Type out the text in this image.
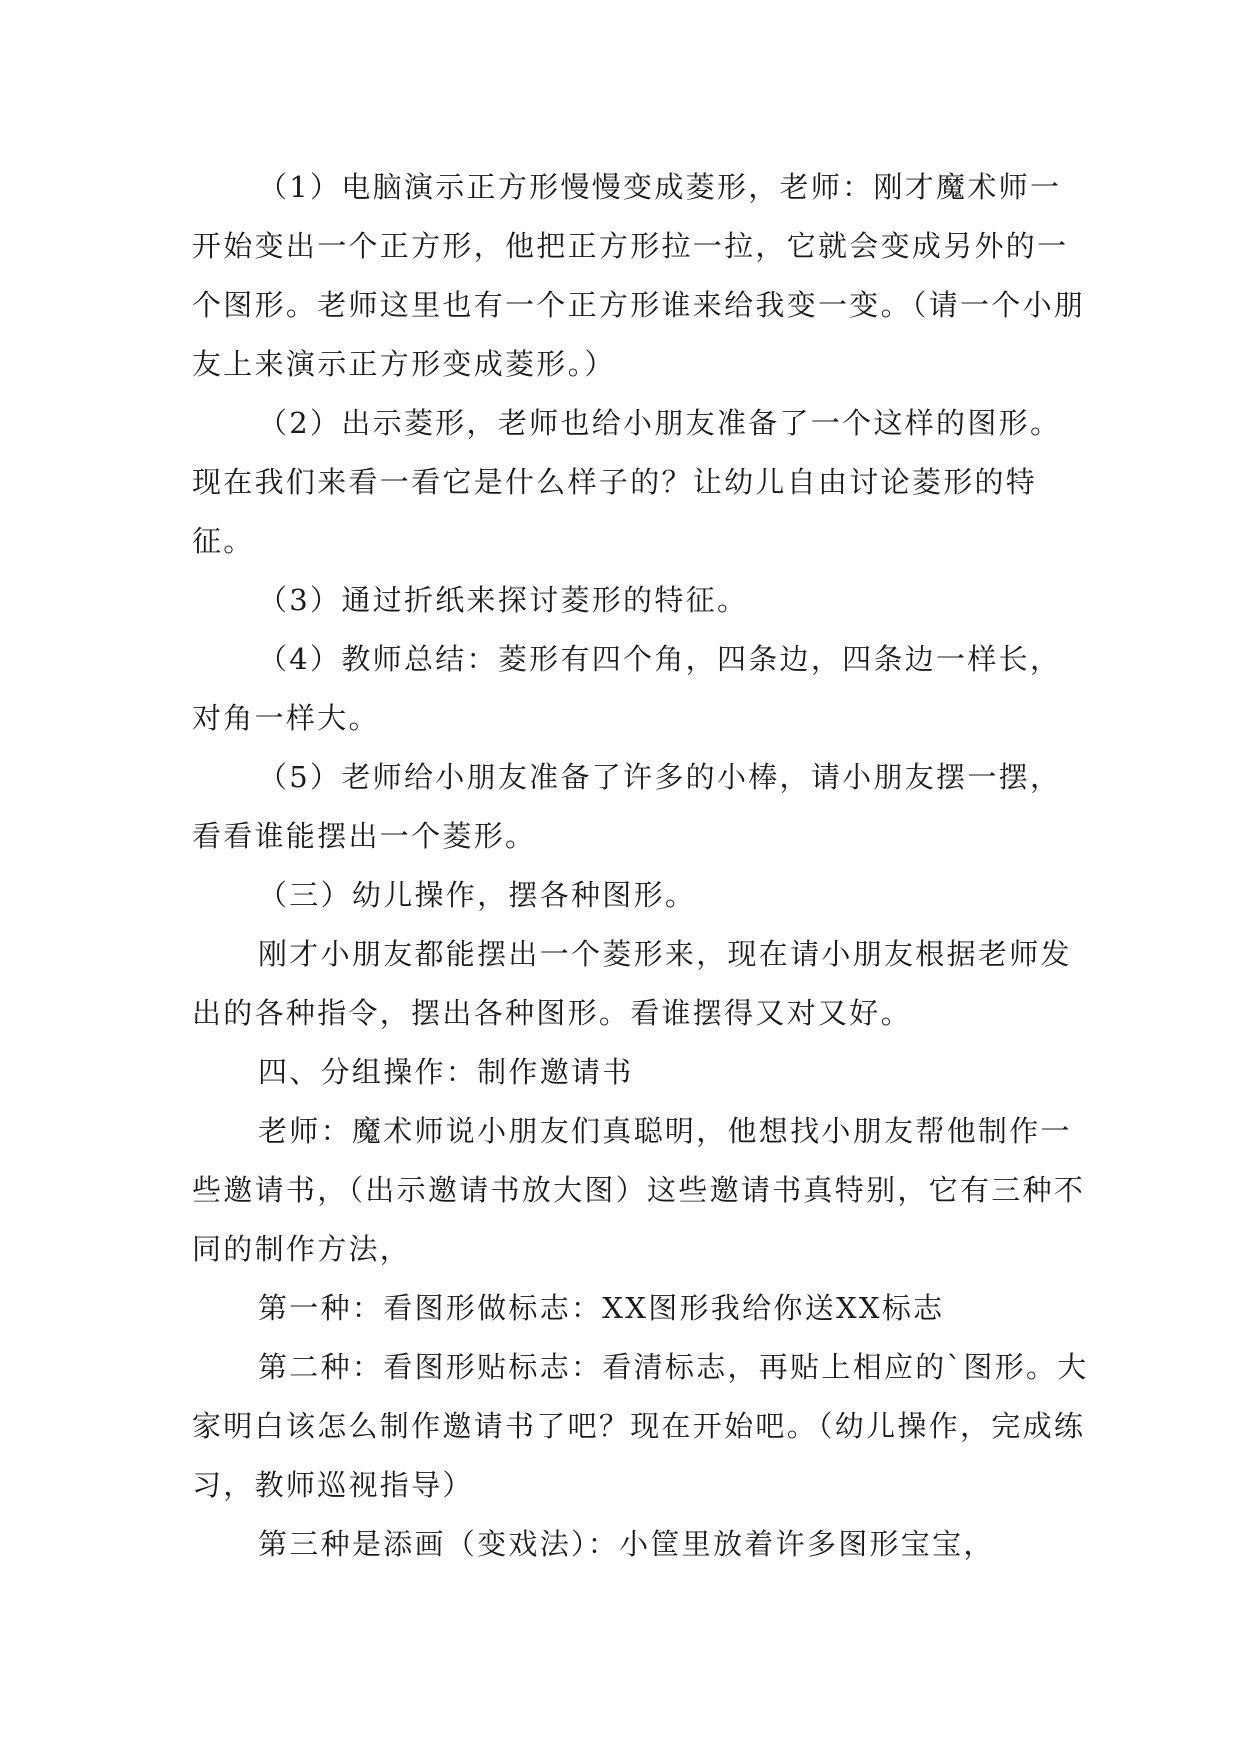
（1）电脑演示正方形慢慢变成菱形，老师：刚才魔术师一开始变出一个正方形，他把正方形拉一拉，它就会变成另外的一个图形。老师这里也有一个正方形谁来给我变一变。（请一个小朋友上来演示正方形变成菱形。）

（2）出示菱形，老师也给小朋友准备了一个这样的图形。现在我们来看一看它是什么样子的？让幼儿自由讨论菱形的特征。

（3）通过折纸来探讨菱形的特征。

（4）教师总结：菱形有四个角，四条边，四条边一样长，对角一样大。

（5）老师给小朋友准备了许多的小棒，请小朋友摆一摆，看看谁能摆出一个菱形。

（三）幼儿操作，摆各种图形。

刚才小朋友都能摆出一个菱形来，现在请小朋友根据老师发出的各种指令，摆出各种图形。看谁摆得又对又好。

四、分组操作：制作邀请书

老师：魔术师说小朋友们真聪明，他想找小朋友帮他制作一些邀请书，（出示邀请书放大图）这些邀请书真特别，它有三种不同的制作方法，

第一种：看图形做标志：XX图形我给你送XX标志

第二种：看图形贴标志：看清标志，再贴上相应的`图形。大家明白该怎么制作邀请书了吧？现在开始吧。（幼儿操作，完成练习，教师巡视指导）

第三种是添画（变戏法）：小筐里放着许多图形宝宝，
